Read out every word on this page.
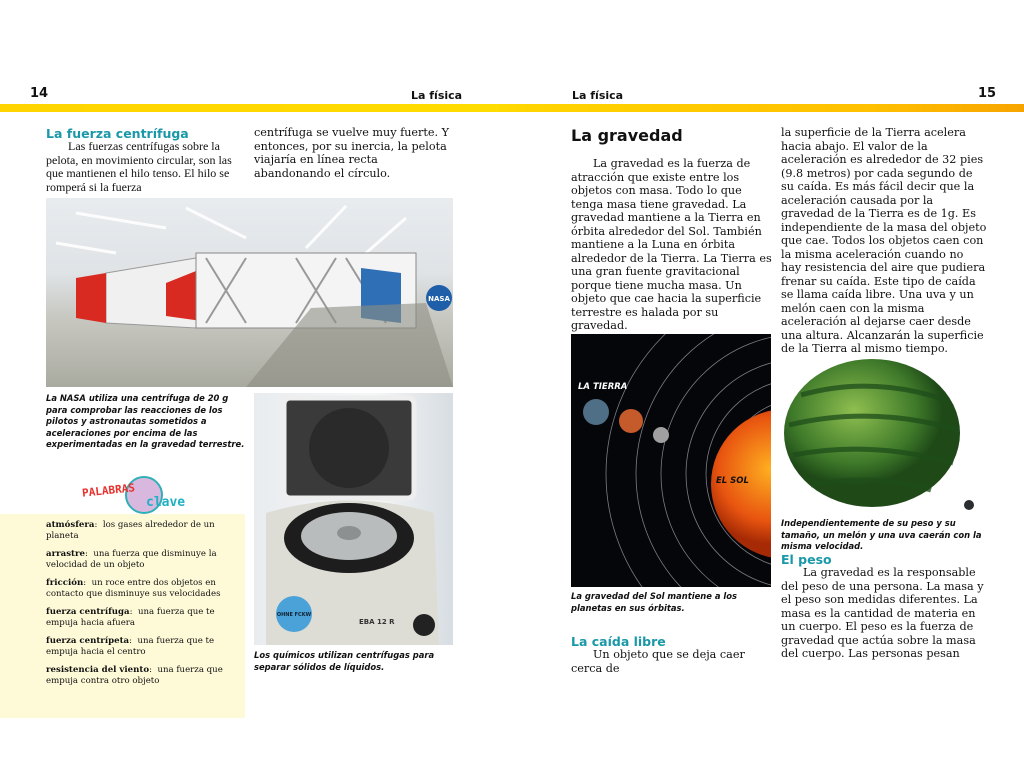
14	La física	La física	15
La fuerza centrífuga
Las fuerzas centrífugas sobre la pelota, en movimiento circular, son las que mantienen el hilo tenso. El hilo se romperá si la fuerza
centrífuga se vuelve muy fuerte. Y entonces, por su inercia, la pelota viajaría en línea recta abandonando el círculo.
NASA
La NASA utiliza una centrífuga de 20 g para comprobar las reacciones de los pilotos y astronautas sometidos a aceleraciones por encima de las experimentadas en la gravedad terrestre.
OHNE FCKW
EBA 12 R
Los químicos utilizan centrífugas para separar sólidos de líquidos.
PALABRAS
clave

atmósfera:  los gases alrededor de un planeta

arrastre:  una fuerza que disminuye la velocidad de un objeto

fricción:  un roce entre dos objetos en contacto que disminuye sus velocidades

fuerza centrífuga:  una fuerza que te empuja hacia afuera

fuerza centrípeta:  una fuerza que te empuja hacia el centro

resistencia del viento:  una fuerza que empuja contra otro objeto

La gravedad
La gravedad es la fuerza de atracción que existe entre los objetos con masa. Todo lo que tenga masa tiene gravedad. La gravedad mantiene a la Tierra en órbita alrededor del Sol. También mantiene a la Luna en órbita alrededor de la Tierra. La Tierra es una gran fuente gravitacional porque tiene mucha masa. Un objeto que cae hacia la superficie terrestre es halada por su gravedad.
LA TIERRA
EL SOL
La gravedad del Sol mantiene a los planetas en sus órbitas.
La caída libre
Un objeto que se deja caer cerca de
la superficie de la Tierra acelera hacia abajo. El valor de la aceleración es alrededor de 32 pies (9.8 metros) por cada segundo de su caída. Es más fácil decir que la aceleración causada por la gravedad de la Tierra es de 1g. Es independiente de la masa del objeto que cae. Todos los objetos caen con la misma aceleración cuando no hay resistencia del aire que pudiera frenar su caída. Este tipo de caída se llama caída libre. Una uva y un melón caen con la misma aceleración al dejarse caer desde una altura. Alcanzarán la superficie de la Tierra al mismo tiempo.
Independientemente de su peso y su tamaño, un melón y una uva caerán con la misma velocidad.
El peso
La gravedad es la responsable del peso de una persona. La masa y el peso son medidas diferentes. La masa es la cantidad de materia en un cuerpo. El peso es la fuerza de gravedad que actúa sobre la masa del cuerpo. Las personas pesan
